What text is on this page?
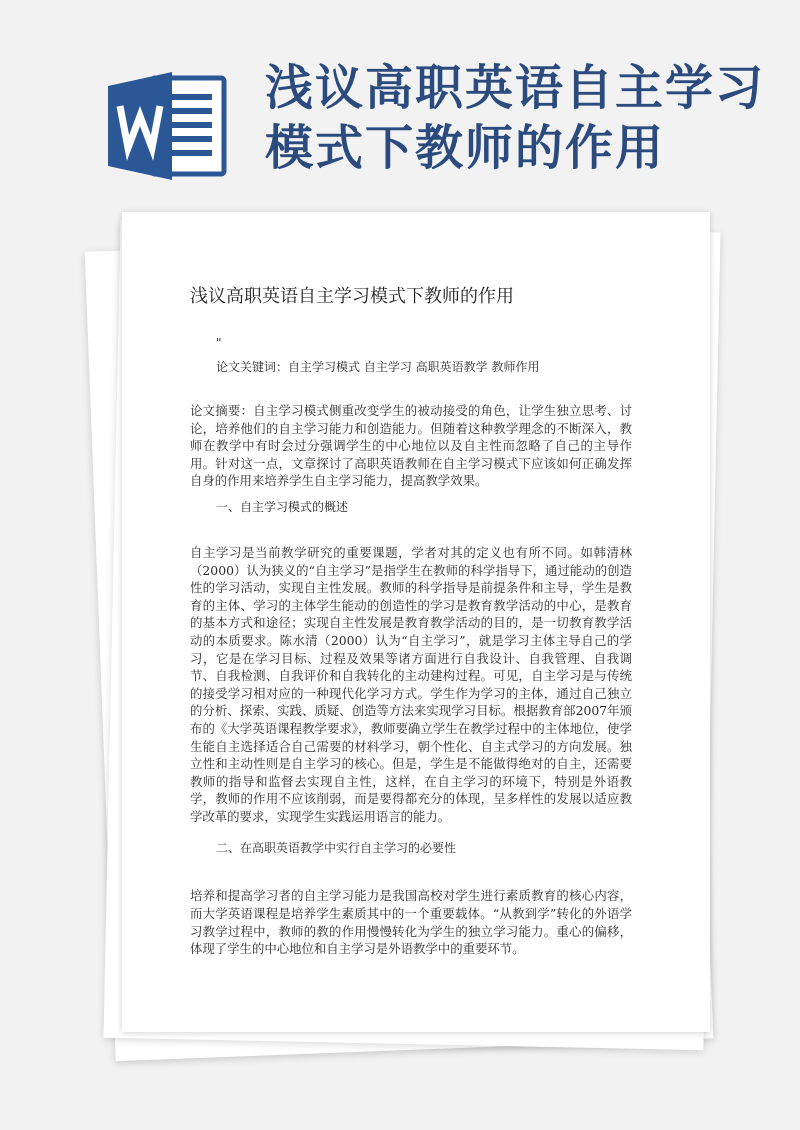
浅议高职英语自主学习模式下教师的作用
浅议高职英语自主学习模式下教师的作用

"

论文关键词：自主学习模式 自主学习 高职英语教学 教师作用

论文摘要：自主学习模式侧重改变学生的被动接受的角色，让学生独立思考、讨论，培养他们的自主学习能力和创造能力。但随着这种教学理念的不断深入，教师在教学中有时会过分强调学生的中心地位以及自主性而忽略了自己的主导作用。针对这一点，文章探讨了高职英语教师在自主学习模式下应该如何正确发挥自身的作用来培养学生自主学习能力，提高教学效果。

一、自主学习模式的概述

自主学习是当前教学研究的重要课题，学者对其的定义也有所不同。如韩清林（2000）认为狭义的“自主学习”是指学生在教师的科学指导下，通过能动的创造性的学习活动，实现自主性发展。教师的科学指导是前提条件和主导，学生是教育的主体、学习的主体学生能动的创造性的学习是教育教学活动的中心，是教育的基本方式和途径；实现自主性发展是教育教学活动的目的，是一切教育教学活动的本质要求。陈水清（2000）认为“自主学习”，就是学习主体主导自己的学习，它是在学习目标、过程及效果等诸方面进行自我设计、自我管理、自我调节、自我检测、自我评价和自我转化的主动建构过程。可见，自主学习是与传统的接受学习相对应的一种现代化学习方式。学生作为学习的主体，通过自己独立的分析、探索、实践、质疑、创造等方法来实现学习目标。根据教育部2007年颁布的《大学英语课程教学要求》，教师要确立学生在教学过程中的主体地位，使学生能自主选择适合自己需要的材料学习，朝个性化、自主式学习的方向发展。独立性和主动性则是自主学习的核心。但是，学生是不能做得绝对的自主，还需要教师的指导和监督去实现自主性，这样，在自主学习的环境下，特别是外语教学，教师的作用不应该削弱，而是要得都充分的体现，呈多样性的发展以适应教学改革的要求，实现学生实践运用语言的能力。

二、在高职英语教学中实行自主学习的必要性

培养和提高学习者的自主学习能力是我国高校对学生进行素质教育的核心内容，而大学英语课程是培养学生素质其中的一个重要载体。“从教到学”转化的外语学习教学过程中，教师的教的作用慢慢转化为学生的独立学习能力。重心的偏移，体现了学生的中心地位和自主学习是外语教学中的重要环节。
